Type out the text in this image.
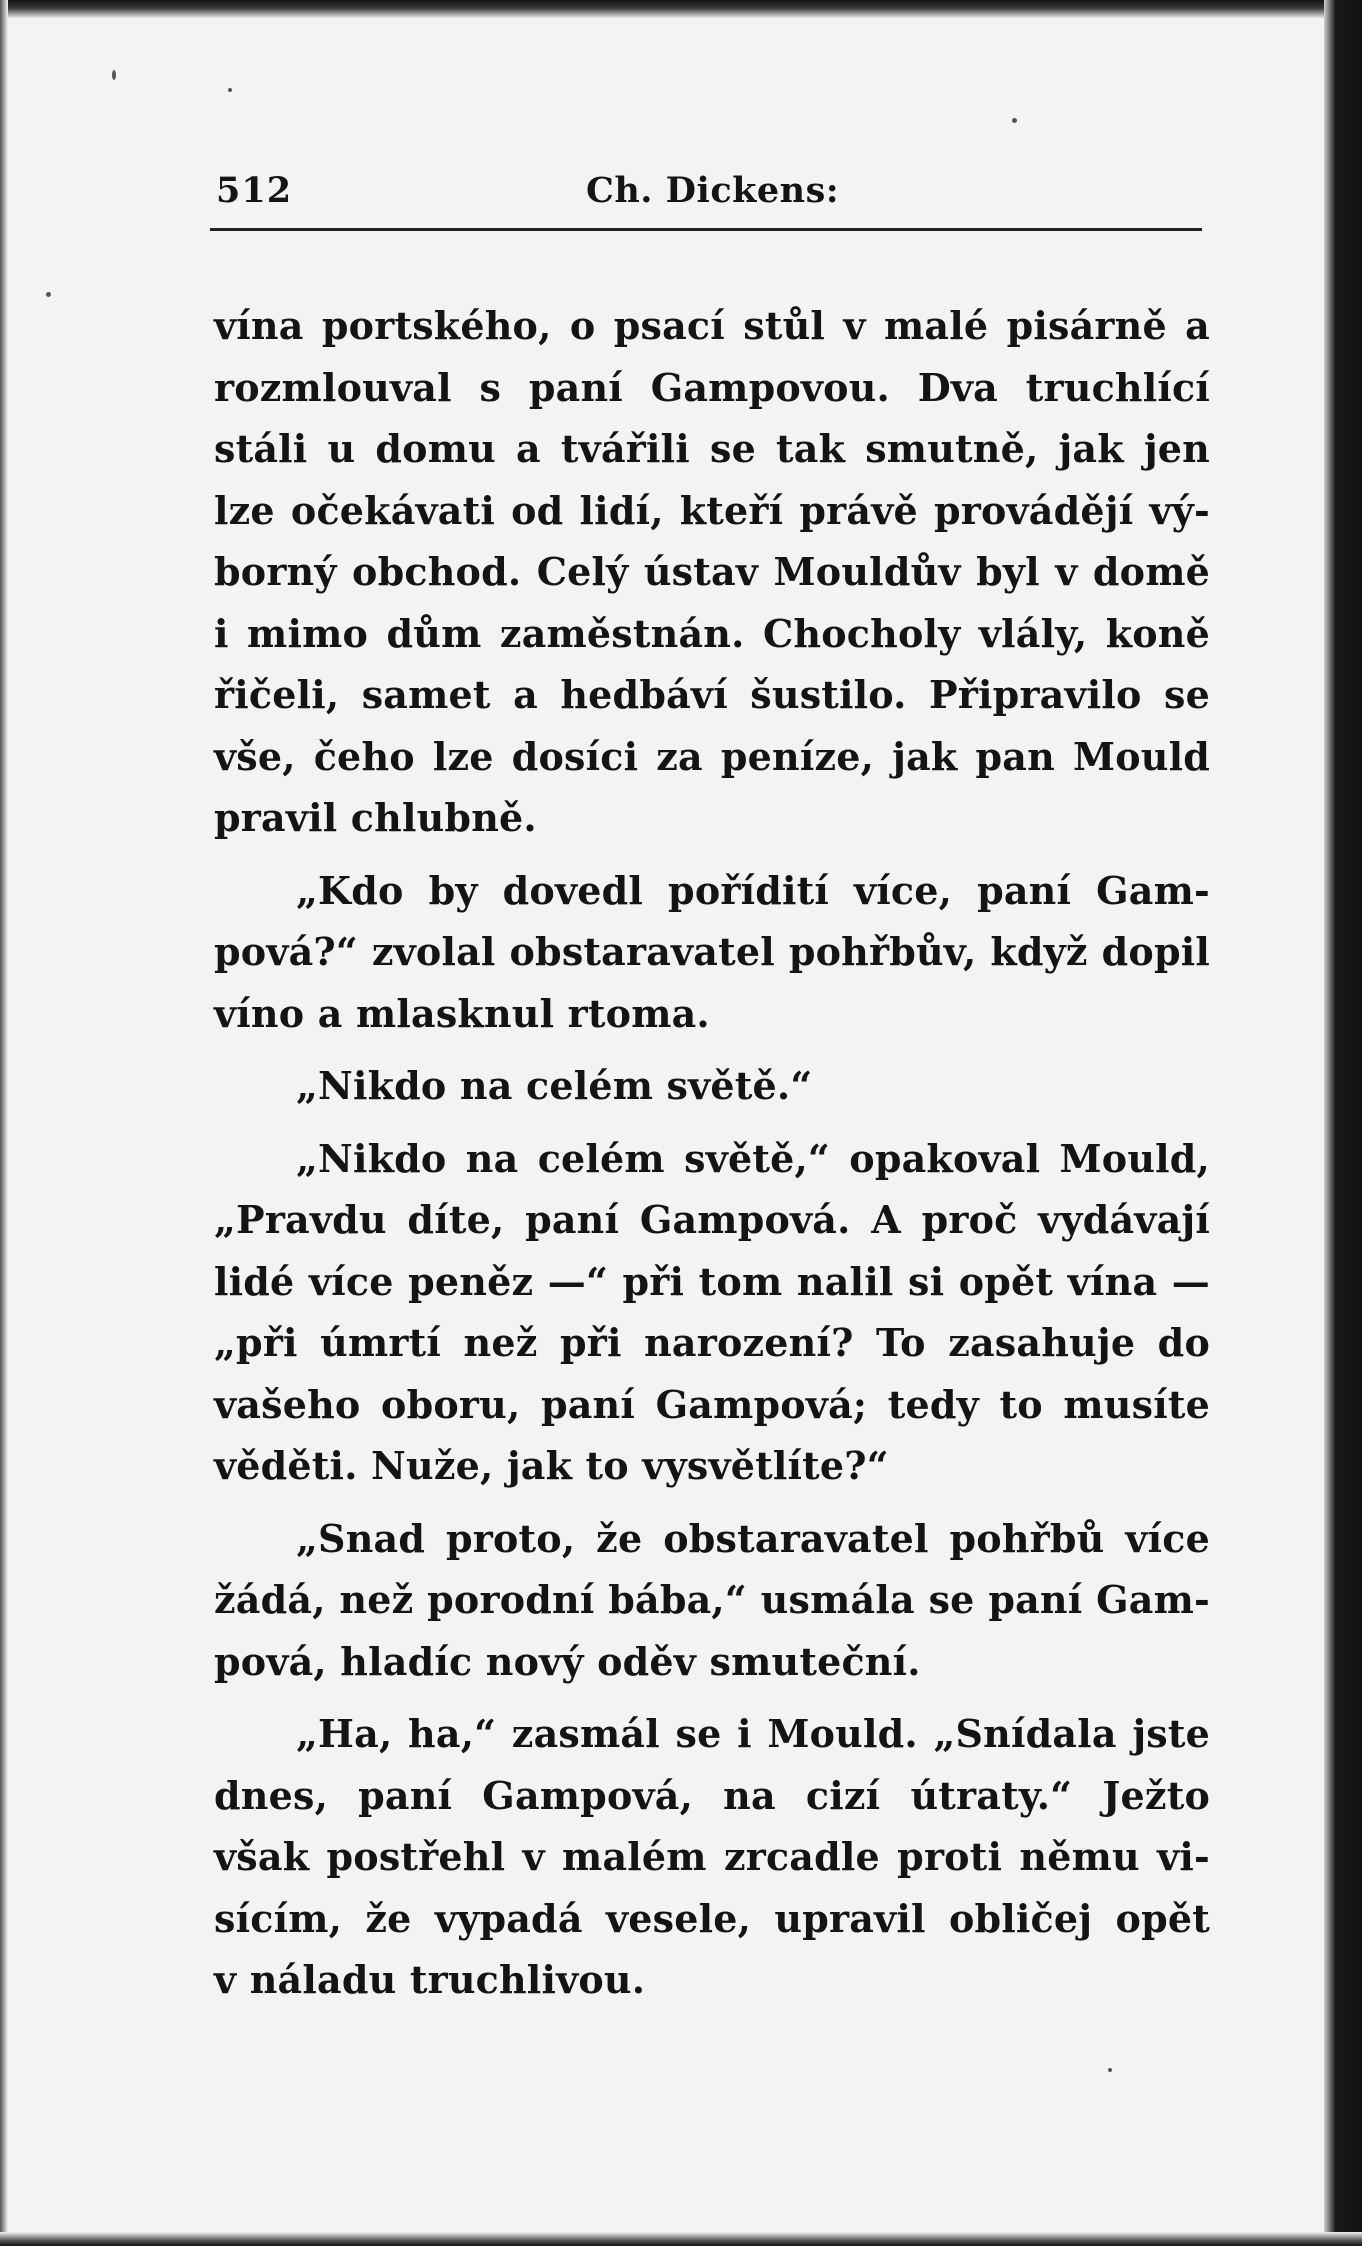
512	Ch. Dickens:
vína portského, o psací stůl v malé pisárně a
rozmlouval s paní Gampovou. Dva truchlící
stáli u domu a tvářili se tak smutně, jak jen
lze očekávati od lidí, kteří právě provádějí vý-
borný obchod. Celý ústav Mouldův byl v domě
i mimo dům zaměstnán. Chocholy vlály, koně
řičeli, samet a hedbáví šustilo. Připravilo se
vše, čeho lze dosíci za peníze, jak pan Mould
pravil chlubně.
„Kdo by dovedl pořídití více, paní Gam-
pová?“ zvolal obstaravatel pohřbův, když dopil
víno a mlasknul rtoma.
„Nikdo na celém světě.“
„Nikdo na celém světě,“ opakoval Mould,
„Pravdu díte, paní Gampová. A proč vydávají
lidé více peněz —“ při tom nalil si opět vína —
„při úmrtí než při narození? To zasahuje do
vašeho oboru, paní Gampová; tedy to musíte
věděti. Nuže, jak to vysvětlíte?“
„Snad proto, že obstaravatel pohřbů více
žádá, než porodní bába,“ usmála se paní Gam-
pová, hladíc nový oděv smuteční.
„Ha, ha,“ zasmál se i Mould. „Snídala jste
dnes, paní Gampová, na cizí útraty.“ Ježto
však postřehl v malém zrcadle proti němu vi-
sícím, že vypadá vesele, upravil obličej opět
v náladu truchlivou.
